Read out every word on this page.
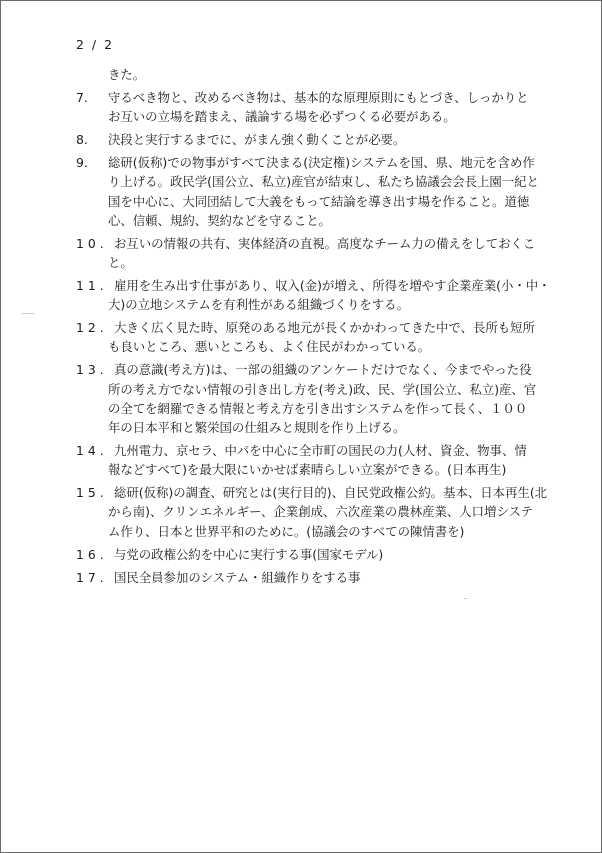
2 / 2
きた。
7. 守るべき物と、改めるべき物は、基本的な原理原則にもとづき、しっかりと
お互いの立場を踏まえ、議論する場を必ずつくる必要がある。
8. 決段と実行するまでに、がまん強く動くことが必要。
9. 総研(仮称)での物事がすべて決まる(決定権)システムを国、県、地元を含め作
り上げる。政民学(国公立、私立)産官が結束し、私たち協議会会長上園一紀と
国を中心に、大同団結して大義をもって結論を導き出す場を作ること。道徳
心、信頼、規約、契約などを守ること。
10. お互いの情報の共有、実体経済の直視。高度なチーム力の備えをしておくこ
と。
11. 雇用を生み出す仕事があり、収入(金)が増え、所得を増やす企業産業(小・中・
大)の立地システムを有利性がある組織づくりをする。
12. 大きく広く見た時、原発のある地元が長くかかわってきた中で、長所も短所
も良いところ、悪いところも、よく住民がわかっている。
13. 真の意識(考え方)は、一部の組織のアンケートだけでなく、今までやった役
所の考え方でない情報の引き出し方を(考え)政、民、学(国公立、私立)産、官
の全てを網羅できる情報と考え方を引き出すシステムを作って長く、１００
年の日本平和と繁栄国の仕組みと規則を作り上げる。
14. 九州電力、京セラ、中パを中心に全市町の国民の力(人材、資金、物事、情
報などすべて)を最大限にいかせば素晴らしい立案ができる。(日本再生)
15. 総研(仮称)の調査、研究とは(実行目的)、自民党政権公約。基本、日本再生(北
から南)、クリンエネルギー、企業創成、六次産業の農林産業、人口増システ
ム作り、日本と世界平和のために。(協議会のすべての陳情書を)
16. 与党の政権公約を中心に実行する事(国家モデル)
17. 国民全員参加のシステム・組織作りをする事
